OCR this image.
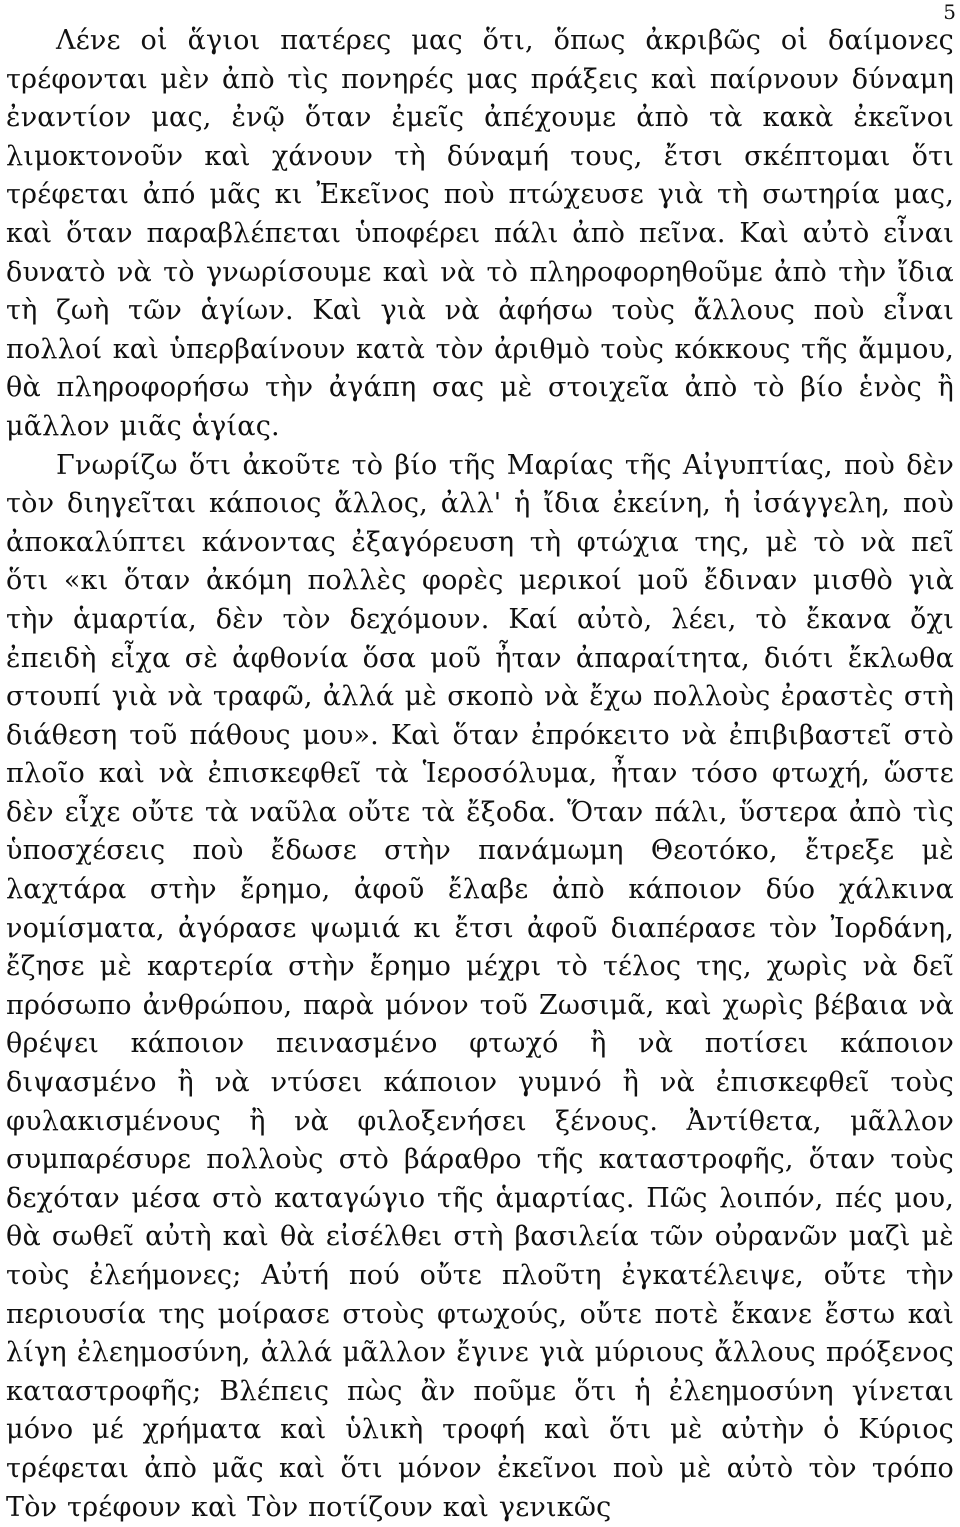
5

Λένε οἱ ἅγιοι πατέρες μας ὅτι, ὅπως ἀκριβῶς οἱ δαίμονες τρέφονται μὲν ἀπὸ τὶς πονηρές μας πράξεις καὶ παίρνουν δύναμη ἐναντίον μας, ἐνῷ ὅταν ἐμεῖς ἀπέχουμε ἀπὸ τὰ κακὰ ἐκεῖνοι λιμοκτονοῦν καὶ χάνουν τὴ δύναμή τους, ἔτσι σκέπτομαι ὅτι τρέφεται ἀπό μᾶς κι Ἐκεῖνος ποὺ πτώχευσε γιὰ τὴ σωτηρία μας, καὶ ὅταν παραβλέπεται ὑποφέρει πάλι ἀπὸ πεῖνα. Καὶ αὐτὸ εἶναι δυνατὸ νὰ τὸ γνωρίσουμε καὶ νὰ τὸ πληροφορηθοῦμε ἀπὸ τὴν ἴδια τὴ ζωὴ τῶν ἁγίων. Καὶ γιὰ νὰ ἀφήσω τοὺς ἄλλους ποὺ εἶναι πολλοί καὶ ὑπερβαίνουν κατὰ τὸν ἀριθμὸ τοὺς κόκκους τῆς ἄμμου, θὰ πληροφορήσω τὴν ἀγάπη σας μὲ στοιχεῖα ἀπὸ τὸ βίο ἑνὸς ἢ μᾶλλον μιᾶς ἁγίας.

Γνωρίζω ὅτι ἀκοῦτε τὸ βίο τῆς Μαρίας τῆς Αἰγυπτίας, ποὺ δὲν τὸν διηγεῖται κάποιος ἄλλος, ἀλλ' ἡ ἴδια ἐκείνη, ἡ ἰσάγγελη, ποὺ ἀποκαλύπτει κάνοντας ἐξαγόρευση τὴ φτώχια της, μὲ τὸ νὰ πεῖ ὅτι «κι ὅταν ἀκόμη πολλὲς φορὲς μερικοί μοῦ ἔδιναν μισθὸ γιὰ τὴν ἁμαρτία, δὲν τὸν δεχόμουν. Καί αὐτὸ, λέει, τὸ ἔκανα ὄχι ἐπειδὴ εἶχα σὲ ἀφθονία ὅσα μοῦ ἦταν ἀπαραίτητα, διότι ἔκλωθα στουπί γιὰ νὰ τραφῶ, ἀλλά μὲ σκοπὸ νὰ ἔχω πολλοὺς ἐραστὲς στὴ διάθεση τοῦ πάθους μου». Καὶ ὅταν ἐπρόκειτο νὰ ἐπιβιβαστεῖ στὸ πλοῖο καὶ νὰ ἐπισκεφθεῖ τὰ Ἱεροσόλυμα, ἦταν τόσο φτωχή, ὥστε δὲν εἶχε οὔτε τὰ ναῦλα οὔτε τὰ ἔξοδα. Ὅταν πάλι, ὕστερα ἀπὸ τὶς ὑποσχέσεις ποὺ ἔδωσε στὴν πανάμωμη Θεοτόκο, ἔτρεξε μὲ λαχτάρα στὴν ἔρημο, ἀφοῦ ἔλαβε ἀπὸ κάποιον δύο χάλκινα νομίσματα, ἀγόρασε ψωμιά κι ἔτσι ἀφοῦ διαπέρασε τὸν Ἰορδάνη, ἔζησε μὲ καρτερία στὴν ἔρημο μέχρι τὸ τέλος της, χωρὶς νὰ δεῖ πρόσωπο ἀνθρώπου, παρὰ μόνον τοῦ Ζωσιμᾶ, καὶ χωρὶς βέβαια νὰ θρέψει κάποιον πεινασμένο φτωχό ἢ νὰ ποτίσει κάποιον διψασμένο ἢ νὰ ντύσει κάποιον γυμνό ἢ νὰ ἐπισκεφθεῖ τοὺς φυλακισμένους ἢ νὰ φιλοξενήσει ξένους. Ἀντίθετα, μᾶλλον συμπαρέσυρε πολλοὺς στὸ βάραθρο τῆς καταστροφῆς, ὅταν τοὺς δεχόταν μέσα στὸ καταγώγιο τῆς ἁμαρτίας. Πῶς λοιπόν, πές μου, θὰ σωθεῖ αὐτὴ καὶ θὰ εἰσέλθει στὴ βασιλεία τῶν οὐρανῶν μαζὶ μὲ τοὺς ἐλεήμονες; Αὐτή πού οὔτε πλοῦτη ἐγκατέλειψε, οὔτε τὴν περιουσία της μοίρασε στοὺς φτωχούς, οὔτε ποτὲ ἔκανε ἔστω καὶ λίγη ἐλεημοσύνη, ἀλλά μᾶλλον ἔγινε γιὰ μύριους ἄλλους πρόξενος καταστροφῆς; Βλέπεις πὼς ἂν ποῦμε ὅτι ἡ ἐλεημοσύνη γίνεται μόνο μέ χρήματα καὶ ὑλικὴ τροφή καὶ ὅτι μὲ αὐτὴν ὁ Κύριος τρέφεται ἀπὸ μᾶς καὶ ὅτι μόνον ἐκεῖνοι ποὺ μὲ αὐτὸ τὸν τρόπο Τὸν τρέφουν καὶ Τὸν ποτίζουν καὶ γενικῶς
